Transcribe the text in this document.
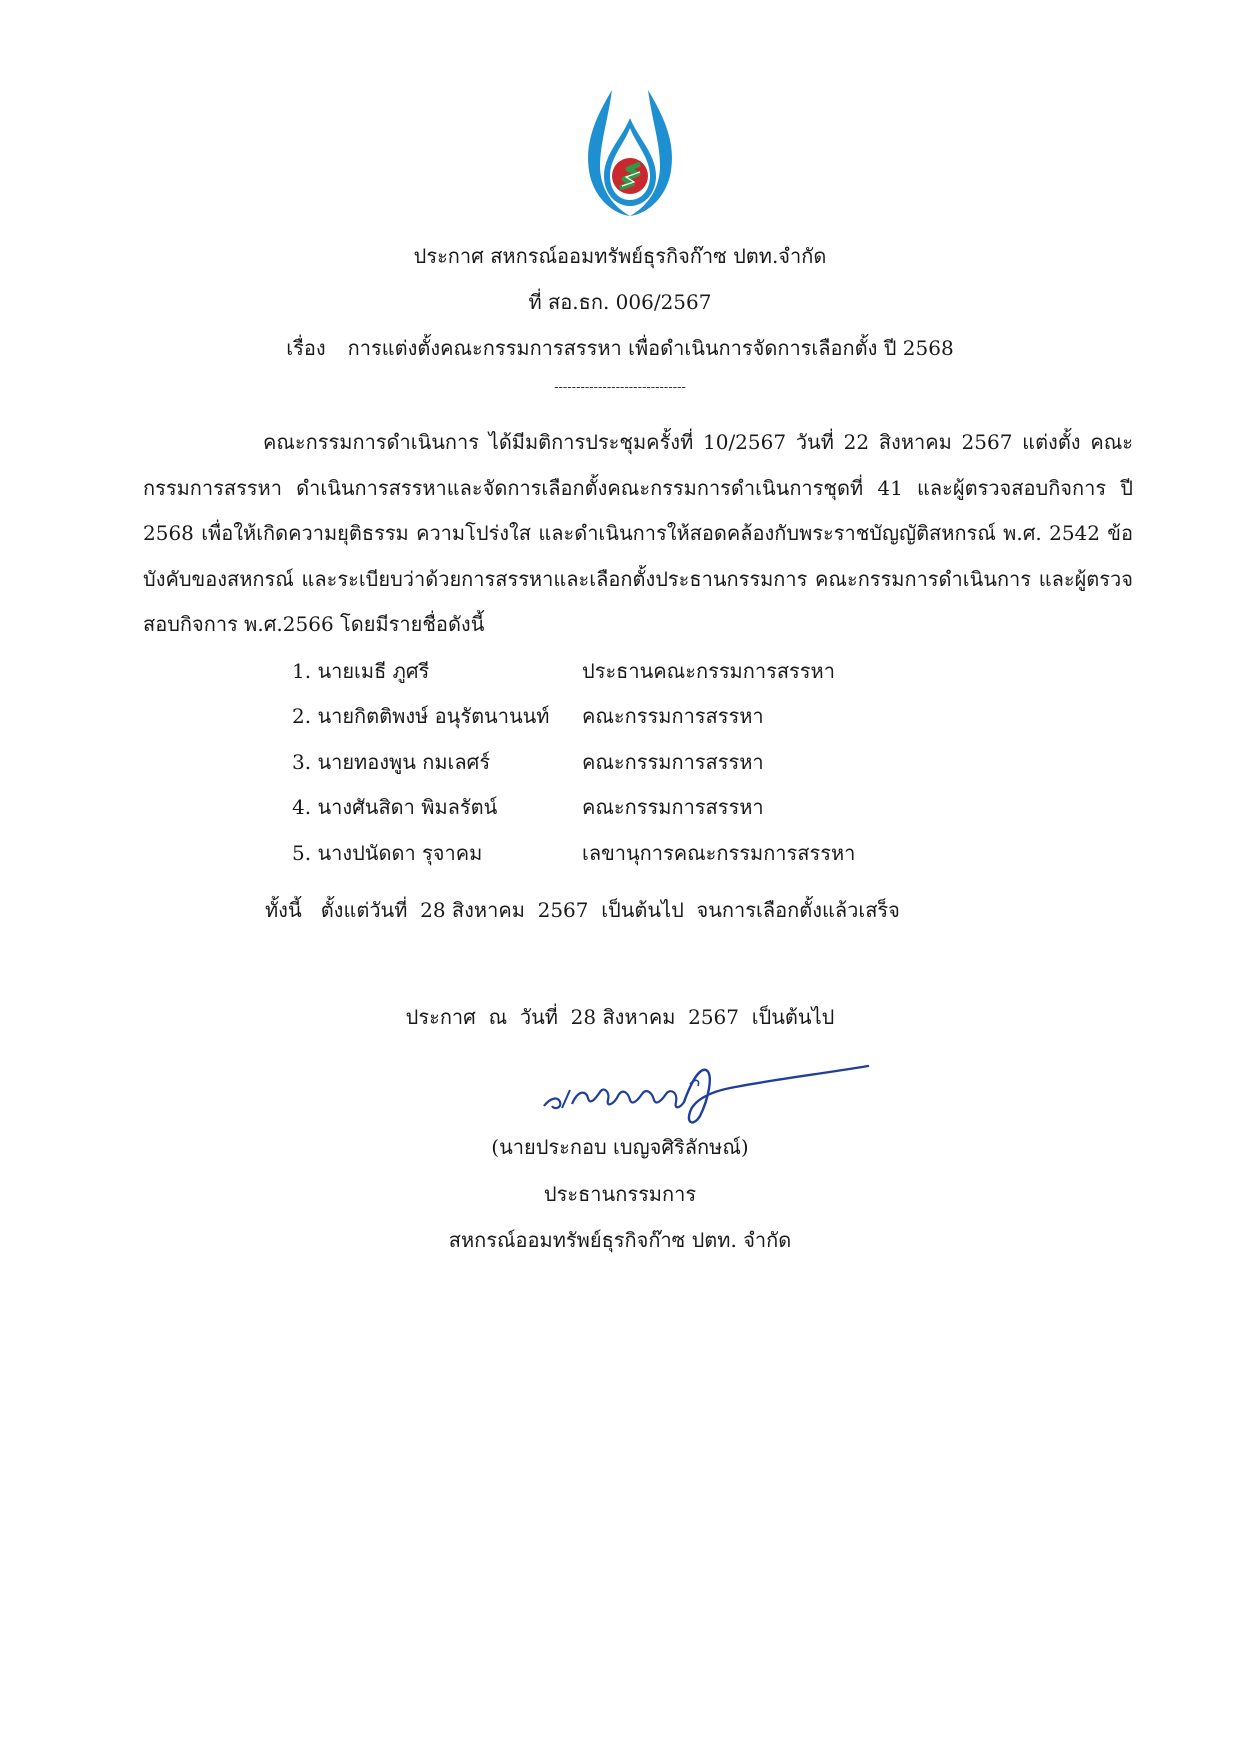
ประกาศ สหกรณ์ออมทรัพย์ธุรกิจก๊าซ ปตท.จำกัด
ที่ สอ.ธก. 006/2567
เรื่อง การแต่งตั้งคณะกรรมการสรรหา เพื่อดำเนินการจัดการเลือกตั้ง ปี 2568
------------------------------
คณะกรรมการดำเนินการ ได้มีมติการประชุมครั้งที่ 10/2567 วันที่ 22 สิงหาคม 2567 แต่งตั้ง คณะกรรมการสรรหา ดำเนินการสรรหาและจัดการเลือกตั้งคณะกรรมการดำเนินการชุดที่ 41 และผู้ตรวจสอบกิจการ ปี 2568 เพื่อให้เกิดความยุติธรรม ความโปร่งใส และดำเนินการให้สอดคล้องกับพระราชบัญญัติสหกรณ์ พ.ศ. 2542 ข้อบังคับของสหกรณ์ และระเบียบว่าด้วยการสรรหาและเลือกตั้งประธานกรรมการ คณะกรรมการดำเนินการ และผู้ตรวจสอบกิจการ พ.ศ.2566 โดยมีรายชื่อดังนี้
1. นายเมธี ภูศรี	ประธานคณะกรรมการสรรหา
2. นายกิตติพงษ์ อนุรัตนานนท์	คณะกรรมการสรรหา
3. นายทองพูน กมเลศร์	คณะกรรมการสรรหา
4. นางศันสิดา พิมลรัตน์	คณะกรรมการสรรหา
5. นางปนัดดา รุจาคม	เลขานุการคณะกรรมการสรรหา
ทั้งนี้   ตั้งแต่วันที่  28 สิงหาคม  2567  เป็นต้นไป  จนการเลือกตั้งแล้วเสร็จ
ประกาศ  ณ  วันที่  28 สิงหาคม  2567  เป็นต้นไป
(นายประกอบ เบญจศิริลักษณ์)
ประธานกรรมการ
สหกรณ์ออมทรัพย์ธุรกิจก๊าซ ปตท. จำกัด
